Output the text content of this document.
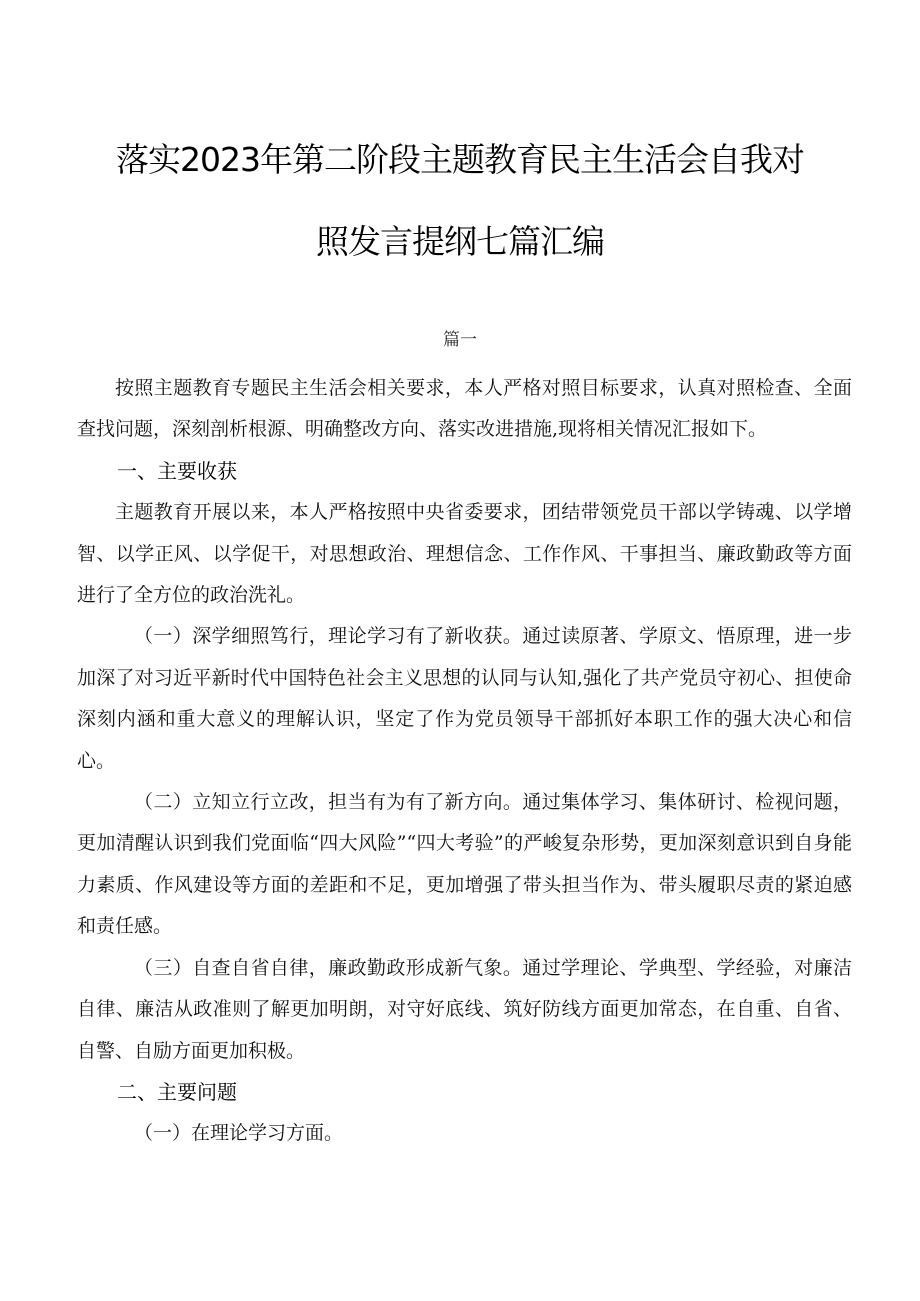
落实2023年第二阶段主题教育民主生活会自我对
照发言提纲七篇汇编
篇一

按照主题教育专题民主生活会相关要求，本人严格对照目标要求，认真对照检查、全面查找问题，深刻剖析根源、明确整改方向、落实改进措施,现将相关情况汇报如下。

一、主要收获

主题教育开展以来，本人严格按照中央省委要求，团结带领党员干部以学铸魂、以学增智、以学正风、以学促干，对思想政治、理想信念、工作作风、干事担当、廉政勤政等方面进行了全方位的政治洗礼。

（一）深学细照笃行，理论学习有了新收获。通过读原著、学原文、悟原理，进一步加深了对习近平新时代中国特色社会主义思想的认同与认知,强化了共产党员守初心、担使命深刻内涵和重大意义的理解认识，坚定了作为党员领导干部抓好本职工作的强大决心和信心。

（二）立知立行立改，担当有为有了新方向。通过集体学习、集体研讨、检视问题，更加清醒认识到我们党面临“四大风险”“四大考验”的严峻复杂形势，更加深刻意识到自身能力素质、作风建设等方面的差距和不足，更加增强了带头担当作为、带头履职尽责的紧迫感和责任感。

（三）自查自省自律，廉政勤政形成新气象。通过学理论、学典型、学经验，对廉洁自律、廉洁从政准则了解更加明朗，对守好底线、筑好防线方面更加常态，在自重、自省、自警、自励方面更加积极。

二、主要问题

（一）在理论学习方面。
